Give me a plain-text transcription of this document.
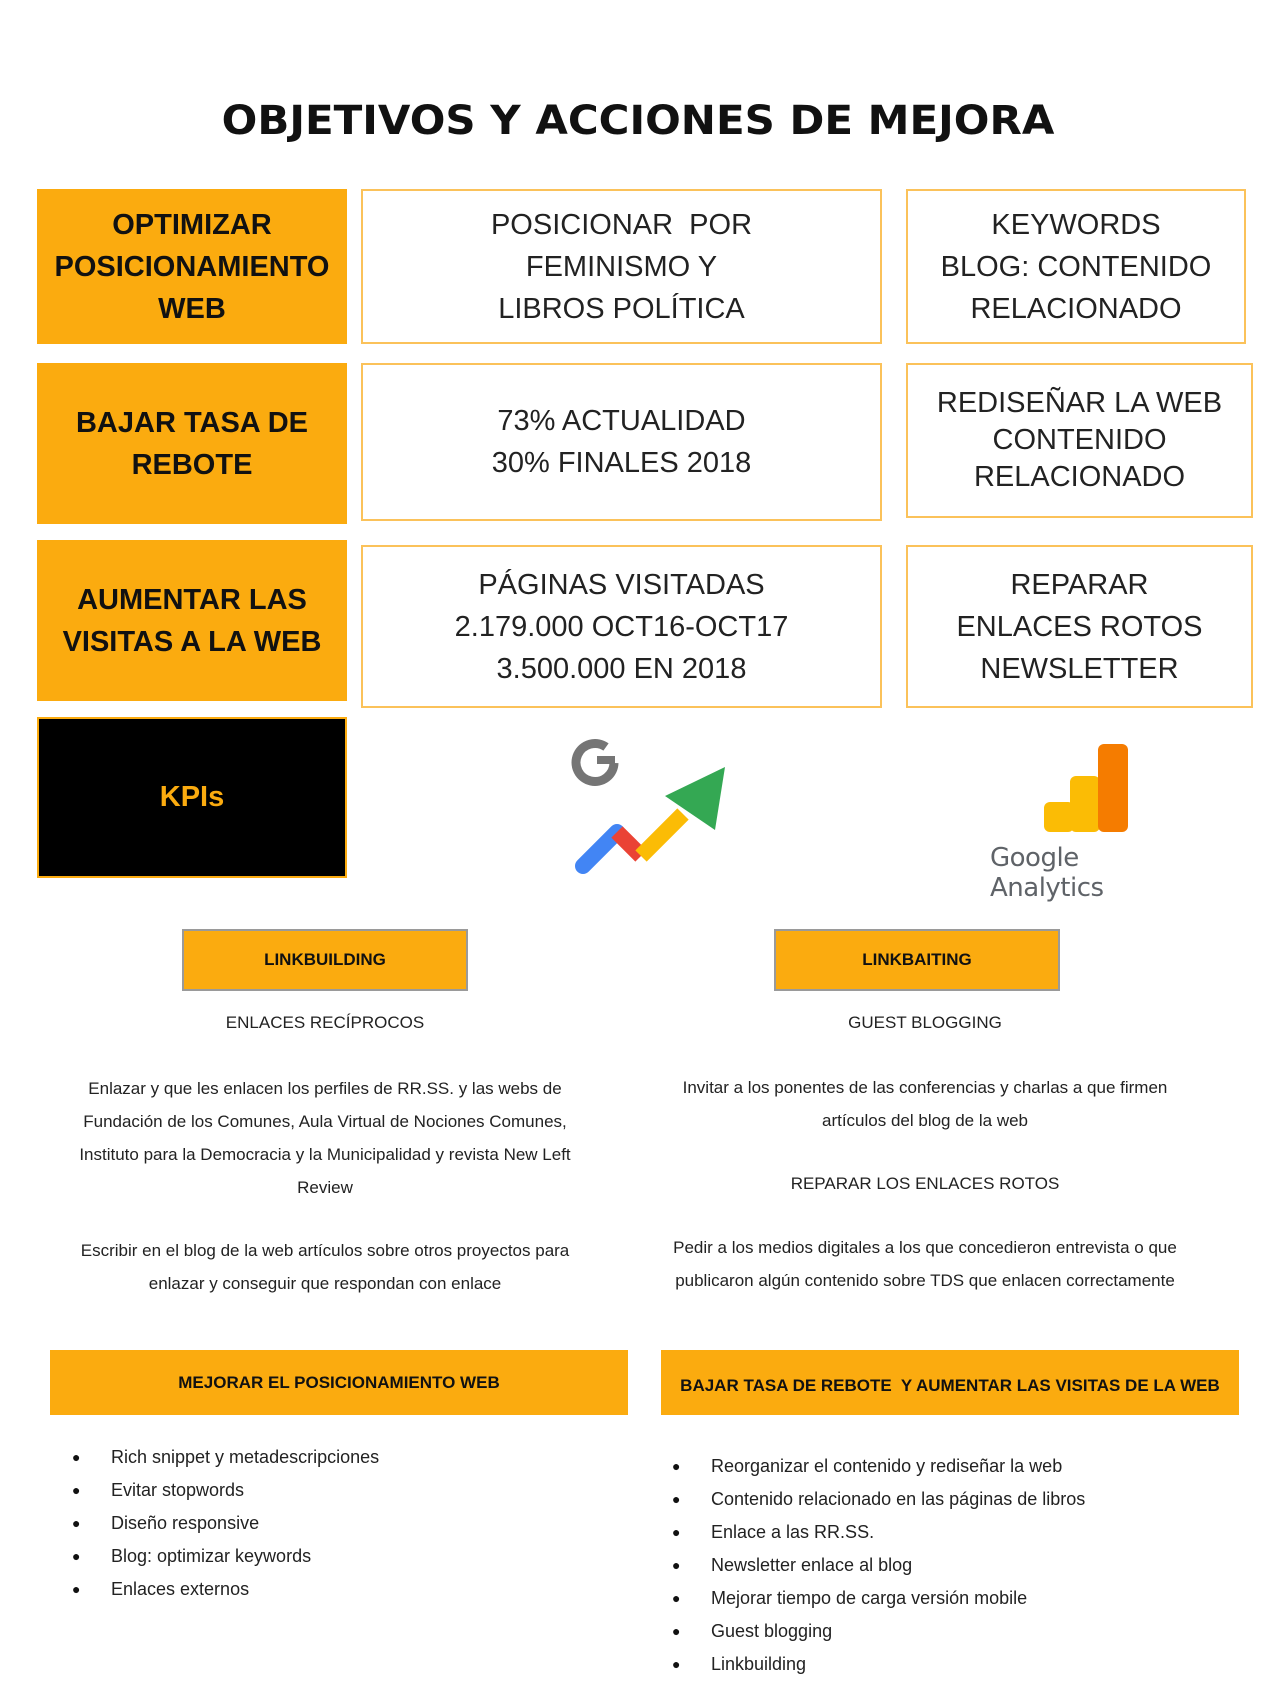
OBJETIVOS Y ACCIONES DE MEJORA
OPTIMIZAR
POSICIONAMIENTO
WEB
POSICIONAR  POR
FEMINISMO Y
LIBROS POLÍTICA
KEYWORDS
BLOG: CONTENIDO
RELACIONADO
BAJAR TASA DE
REBOTE
73% ACTUALIDAD
30% FINALES 2018
REDISEÑAR LA WEB
CONTENIDO
RELACIONADO
AUMENTAR LAS
VISITAS A LA WEB
PÁGINAS VISITADAS
2.179.000 OCT16-OCT17
3.500.000 EN 2018
REPARAR
ENLACES ROTOS
NEWSLETTER
KPIs
Google Analytics
LINKBUILDING	LINKBAITING
ENLACES RECÍPROCOS

Enlazar y que les enlacen los perfiles de RR.SS. y las webs de

Fundación de los Comunes, Aula Virtual de Nociones Comunes,

Instituto para la Democracia y la Municipalidad y revista New Left

Review

Escribir en el blog de la web artículos sobre otros proyectos para

enlazar y conseguir que respondan con enlace

GUEST BLOGGING

Invitar a los ponentes de las conferencias y charlas a que firmen

artículos del blog de la web

REPARAR LOS ENLACES ROTOS

Pedir a los medios digitales a los que concedieron entrevista o que

publicaron algún contenido sobre TDS que enlacen correctamente

MEJORAR EL POSICIONAMIENTO WEB	BAJAR TASA DE REBOTE  Y AUMENTAR LAS VISITAS DE LA WEB
● Rich snippet y metadescripciones
● Evitar stopwords
● Diseño responsive
● Blog: optimizar keywords
● Enlaces externos
● Reorganizar el contenido y rediseñar la web
● Contenido relacionado en las páginas de libros
● Enlace a las RR.SS.
● Newsletter enlace al blog
● Mejorar tiempo de carga versión mobile
● Guest blogging
● Linkbuilding
